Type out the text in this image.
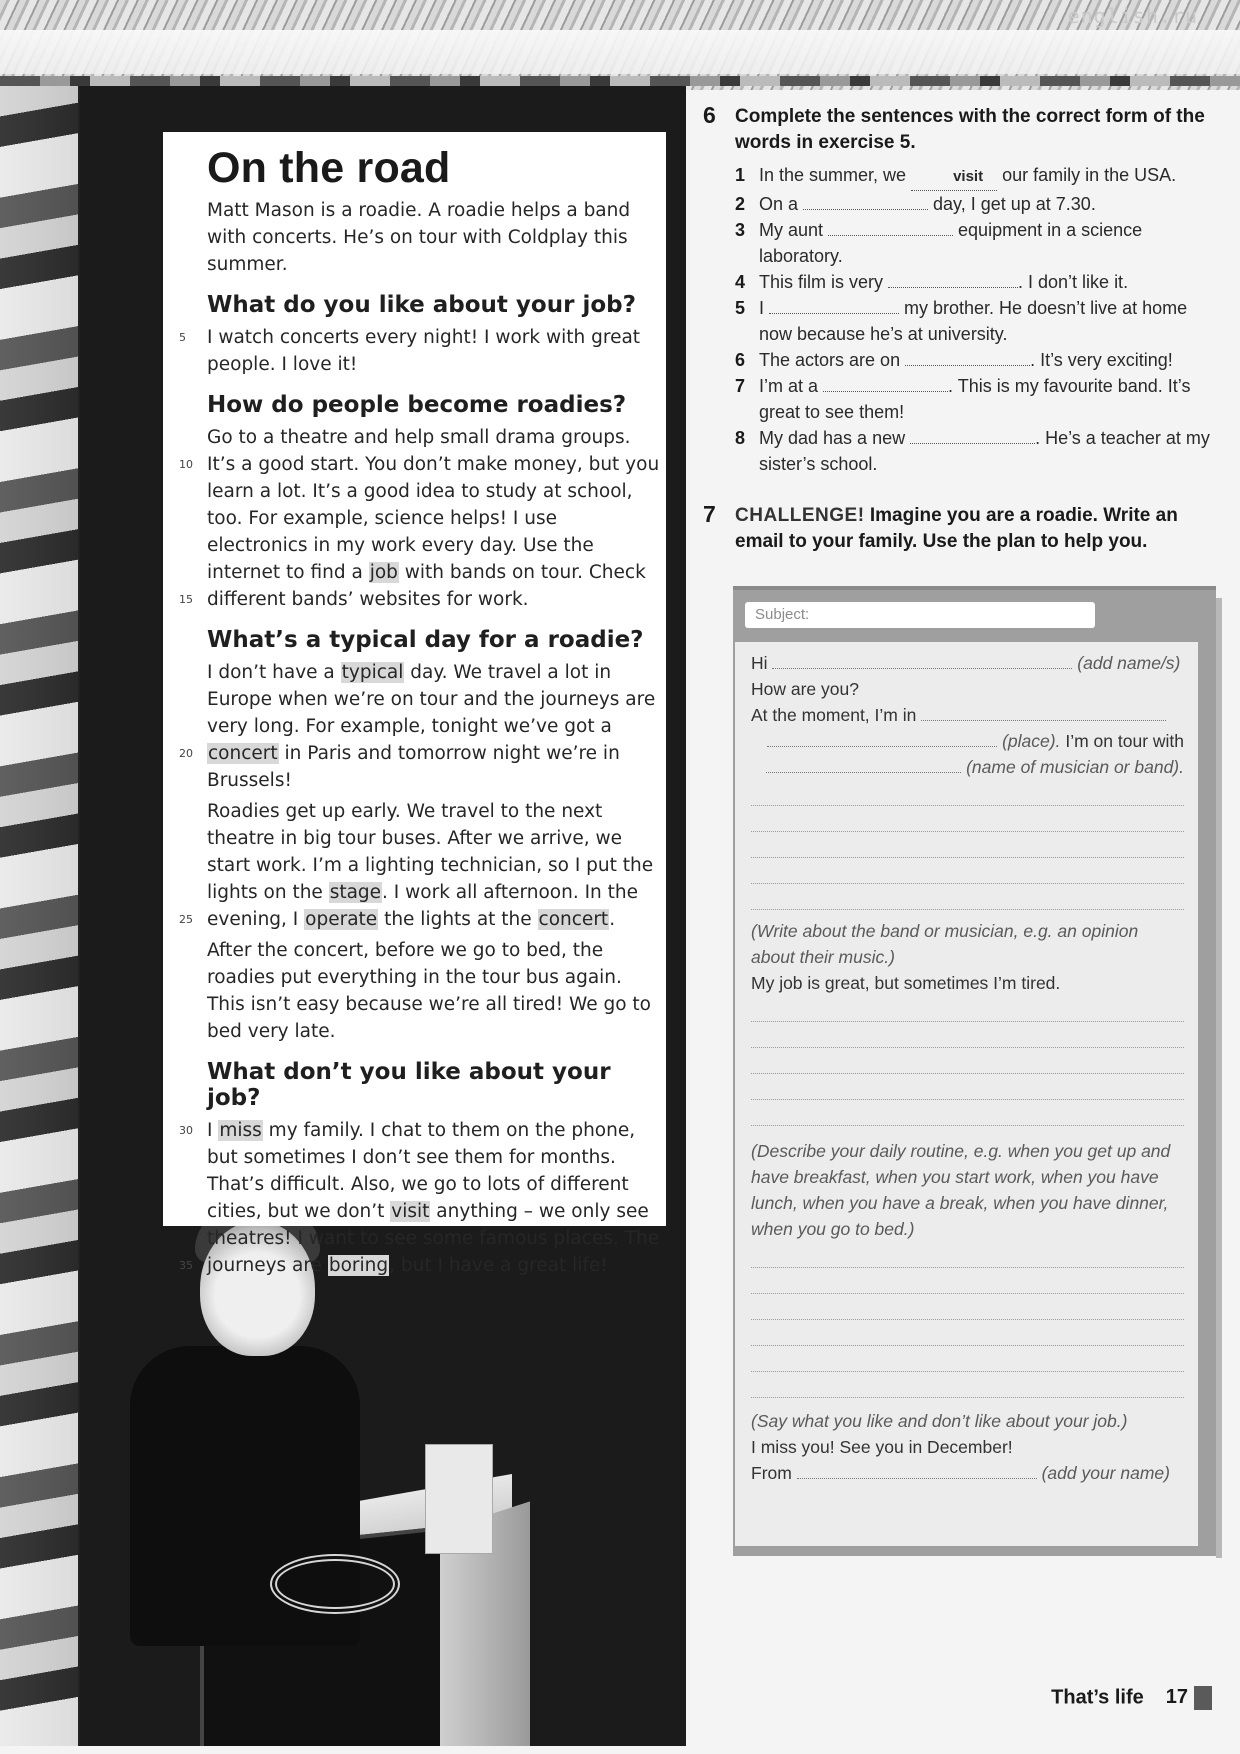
english.ru
On the road

Matt Mason is a roadie. A roadie helps a band with concerts. He’s on tour with Coldplay this summer.

What do you like about your job?

5 I watch concerts every night! I work with great people. I love it!

How do people become roadies?

10
15
Go to a theatre and help small drama groups. It’s a good start. You don’t make money, but you learn a lot. It’s a good idea to study at school, too. For example, science helps! I use electronics in my work every day. Use the internet to find a job with bands on tour. Check different bands’ websites for work.

What’s a typical day for a roadie?

20
I don’t have a typical day. We travel a lot in Europe when we’re on tour and the journeys are very long. For example, tonight we’ve got a concert in Paris and tomorrow night we’re in Brussels!

25
Roadies get up early. We travel to the next theatre in big tour buses. After we arrive, we start work. I’m a lighting technician, so I put the lights on the stage. I work all afternoon. In the evening, I operate the lights at the concert.

After the concert, before we go to bed, the roadies put everything in the tour bus again. This isn’t easy because we’re all tired! We go to bed very late.

What don’t you like about your job?

30
35
I miss my family. I chat to them on the phone, but sometimes I don’t see them for months. That’s difficult. Also, we go to lots of different cities, but we don’t visit anything – we only see theatres! I want to see some famous places. The journeys are boring, but I have a great life!

6 Complete the sentences with the correct form of the words in exercise 5.
1 In the summer, we	visit our family in the USA.
2 On a	day, I get up at 7.30.
3 My aunt	equipment in a science laboratory.
4 This film is very	. I don’t like it.
5 I	my brother. He doesn’t live at home now because he’s at university.
6 The actors are on	. It’s very exciting!
7 I’m at a	. This is my favourite band. It’s great to see them!
8 My dad has a new	. He’s a teacher at my sister’s school.
7 CHALLENGE! Imagine you are a roadie. Write an email to your family. Use the plan to help you.
Subject:
Hi	(add name/s)
How are you?
At the moment, I’m in
(place). I’m on tour with
(name of musician or band).
(Write about the band or musician, e.g. an opinion about their music.)
My job is great, but sometimes I’m tired.
(Describe your daily routine, e.g. when you get up and have breakfast, when you start work, when you have lunch, when you have a break, when you have dinner, when you go to bed.)
(Say what you like and don’t like about your job.)
I miss you! See you in December!
From	(add your name)
That’s life 17
